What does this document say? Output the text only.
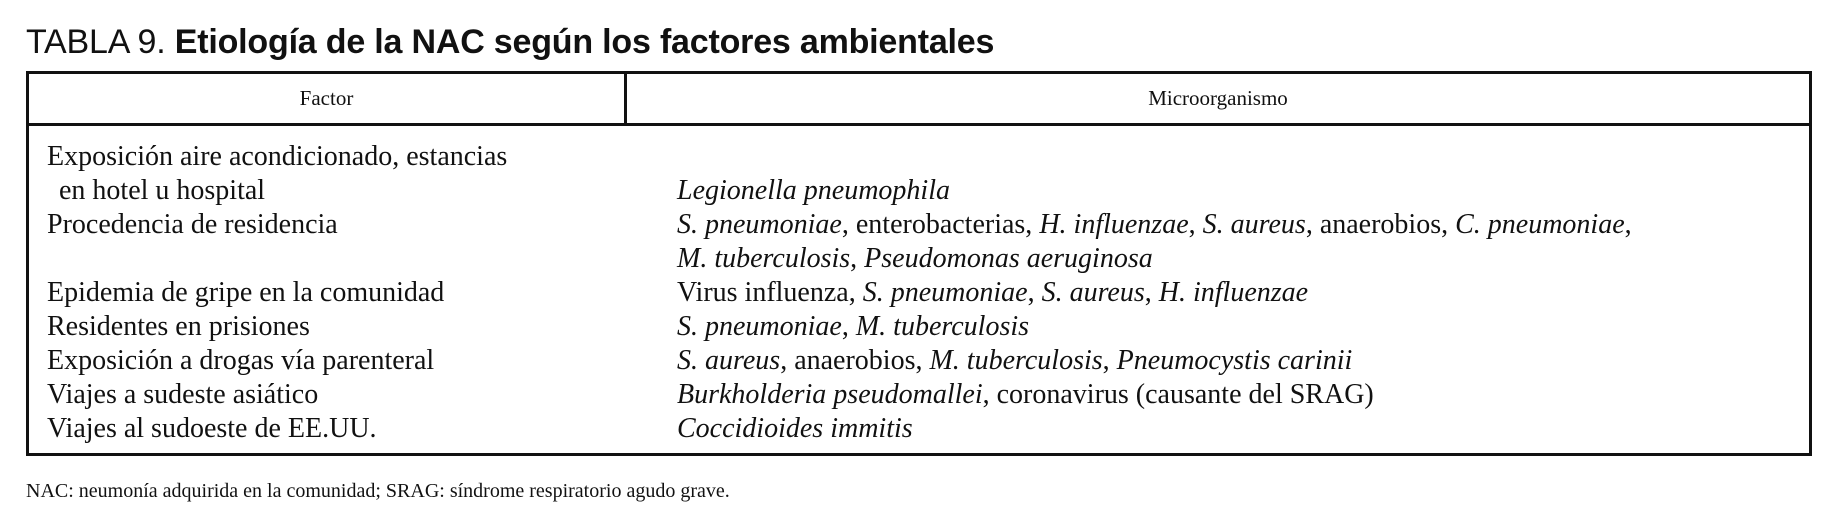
TABLA 9. Etiología de la NAC según los factores ambientales
Factor	Microorganismo
Exposición aire acondicionado, estancias
en hotel u hospital
Procedencia de residencia
Epidemia de gripe en la comunidad
Residentes en prisiones
Exposición a drogas vía parenteral
Viajes a sudeste asiático
Viajes al sudoeste de EE.UU.
Legionella pneumophila
S. pneumoniae, enterobacterias, H. influenzae, S. aureus, anaerobios, C. pneumoniae,
M. tuberculosis, Pseudomonas aeruginosa
Virus influenza, S. pneumoniae, S. aureus, H. influenzae
S. pneumoniae, M. tuberculosis
S. aureus, anaerobios, M. tuberculosis, Pneumocystis carinii
Burkholderia pseudomallei, coronavirus (causante del SRAG)
Coccidioides immitis
NAC: neumonía adquirida en la comunidad; SRAG: síndrome respiratorio agudo grave.
